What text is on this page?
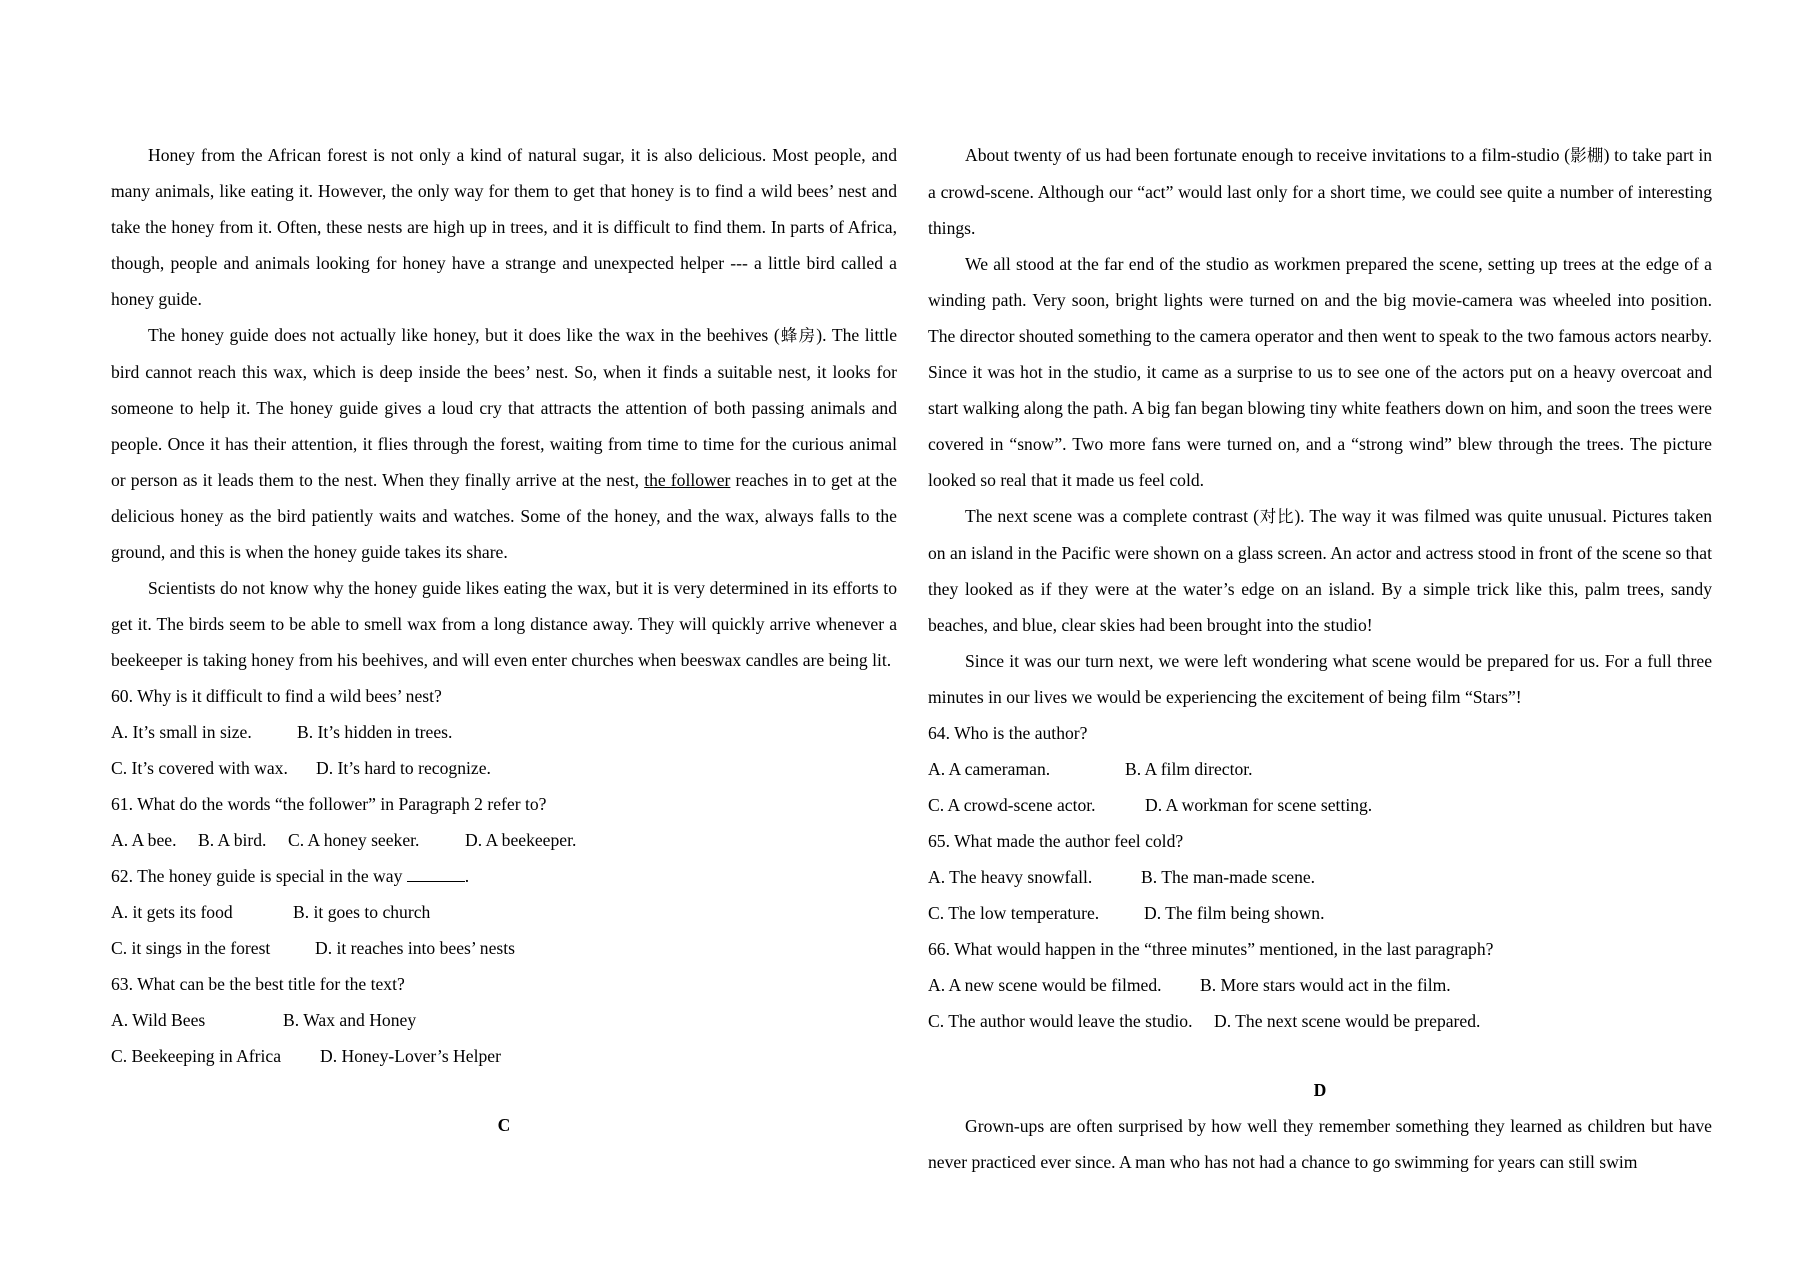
Honey from the African forest is not only a kind of natural sugar, it is also delicious. Most people, and many animals, like eating it. However, the only way for them to get that honey is to find a wild bees’ nest and take the honey from it. Often, these nests are high up in trees, and it is difficult to find them. In parts of Africa, though, people and animals looking for honey have a strange and unexpected helper --- a little bird called a honey guide.

The honey guide does not actually like honey, but it does like the wax in the beehives (蜂房). The little bird cannot reach this wax, which is deep inside the bees’ nest. So, when it finds a suitable nest, it looks for someone to help it. The honey guide gives a loud cry that attracts the attention of both passing animals and people. Once it has their attention, it flies through the forest, waiting from time to time for the curious animal or person as it leads them to the nest. When they finally arrive at the nest, the follower reaches in to get at the delicious honey as the bird patiently waits and watches. Some of the honey, and the wax, always falls to the ground, and this is when the honey guide takes its share.

Scientists do not know why the honey guide likes eating the wax, but it is very determined in its efforts to get it. The birds seem to be able to smell wax from a long distance away. They will quickly arrive whenever a beekeeper is taking honey from his beehives, and will even enter churches when beeswax candles are being lit.

60. Why is it difficult to find a wild bees’ nest?

A. It’s small in size.	B. It’s hidden in trees.

C. It’s covered with wax. D. It’s hard to recognize.

61. What do the words “the follower” in Paragraph 2 refer to?

A. A bee. B. A bird. C. A honey seeker.	D. A beekeeper.

62. The honey guide is special in the way	.

A. it gets its food	B. it goes to church

C. it sings in the forest	D. it reaches into bees’ nests

63. What can be the best title for the text?

A. Wild Bees	B. Wax and Honey

C. Beekeeping in Africa D. Honey-Lover’s Helper

C

About twenty of us had been fortunate enough to receive invitations to a film-studio (影棚) to take part in a crowd-scene. Although our “act” would last only for a short time, we could see quite a number of interesting things.

We all stood at the far end of the studio as workmen prepared the scene, setting up trees at the edge of a winding path. Very soon, bright lights were turned on and the big movie-camera was wheeled into position. The director shouted something to the camera operator and then went to speak to the two famous actors nearby. Since it was hot in the studio, it came as a surprise to us to see one of the actors put on a heavy overcoat and start walking along the path. A big fan began blowing tiny white feathers down on him, and soon the trees were covered in “snow”. Two more fans were turned on, and a “strong wind” blew through the trees. The picture looked so real that it made us feel cold.

The next scene was a complete contrast (对比). The way it was filmed was quite unusual. Pictures taken on an island in the Pacific were shown on a glass screen. An actor and actress stood in front of the scene so that they looked as if they were at the water’s edge on an island. By a simple trick like this, palm trees, sandy beaches, and blue, clear skies had been brought into the studio!

Since it was our turn next, we were left wondering what scene would be prepared for us. For a full three minutes in our lives we would be experiencing the excitement of being film “Stars”!

64. Who is the author?

A. A cameraman.	B. A film director.

C. A crowd-scene actor.	D. A workman for scene setting.

65. What made the author feel cold?

A. The heavy snowfall.	B. The man-made scene.

C. The low temperature.	D. The film being shown.

66. What would happen in the “three minutes” mentioned, in the last paragraph?

A. A new scene would be filmed. B. More stars would act in the film.

C. The author would leave the studio. D. The next scene would be prepared.

D

Grown-ups are often surprised by how well they remember something they learned as children but have never practiced ever since. A man who has not had a chance to go swimming for years can still swim
